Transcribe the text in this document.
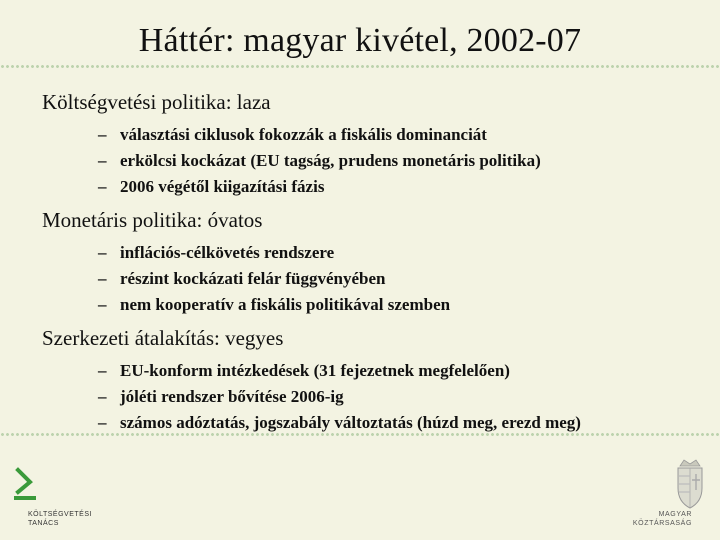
Háttér: magyar kivétel, 2002-07
Költségvetési politika: laza
– választási ciklusok fokozzák a fiskális dominanciát
– erkölcsi kockázat (EU tagság, prudens monetáris politika)
– 2006 végétől kiigazítási fázis
Monetáris politika: óvatos
– inflációs-célkövetés rendszere
– részint kockázati felár függvényében
– nem kooperatív a fiskális politikával szemben
Szerkezeti átalakítás: vegyes
– EU-konform intézkedések (31 fejezetnek megfelelően)
– jóléti rendszer bővítése 2006-ig
– számos adóztatás, jogszabály változtatás (húzd meg, erezd meg)
KÖLTSÉGVETÉSI
TANÁCS
MAGYAR
KÖZTÁRSASÁG
